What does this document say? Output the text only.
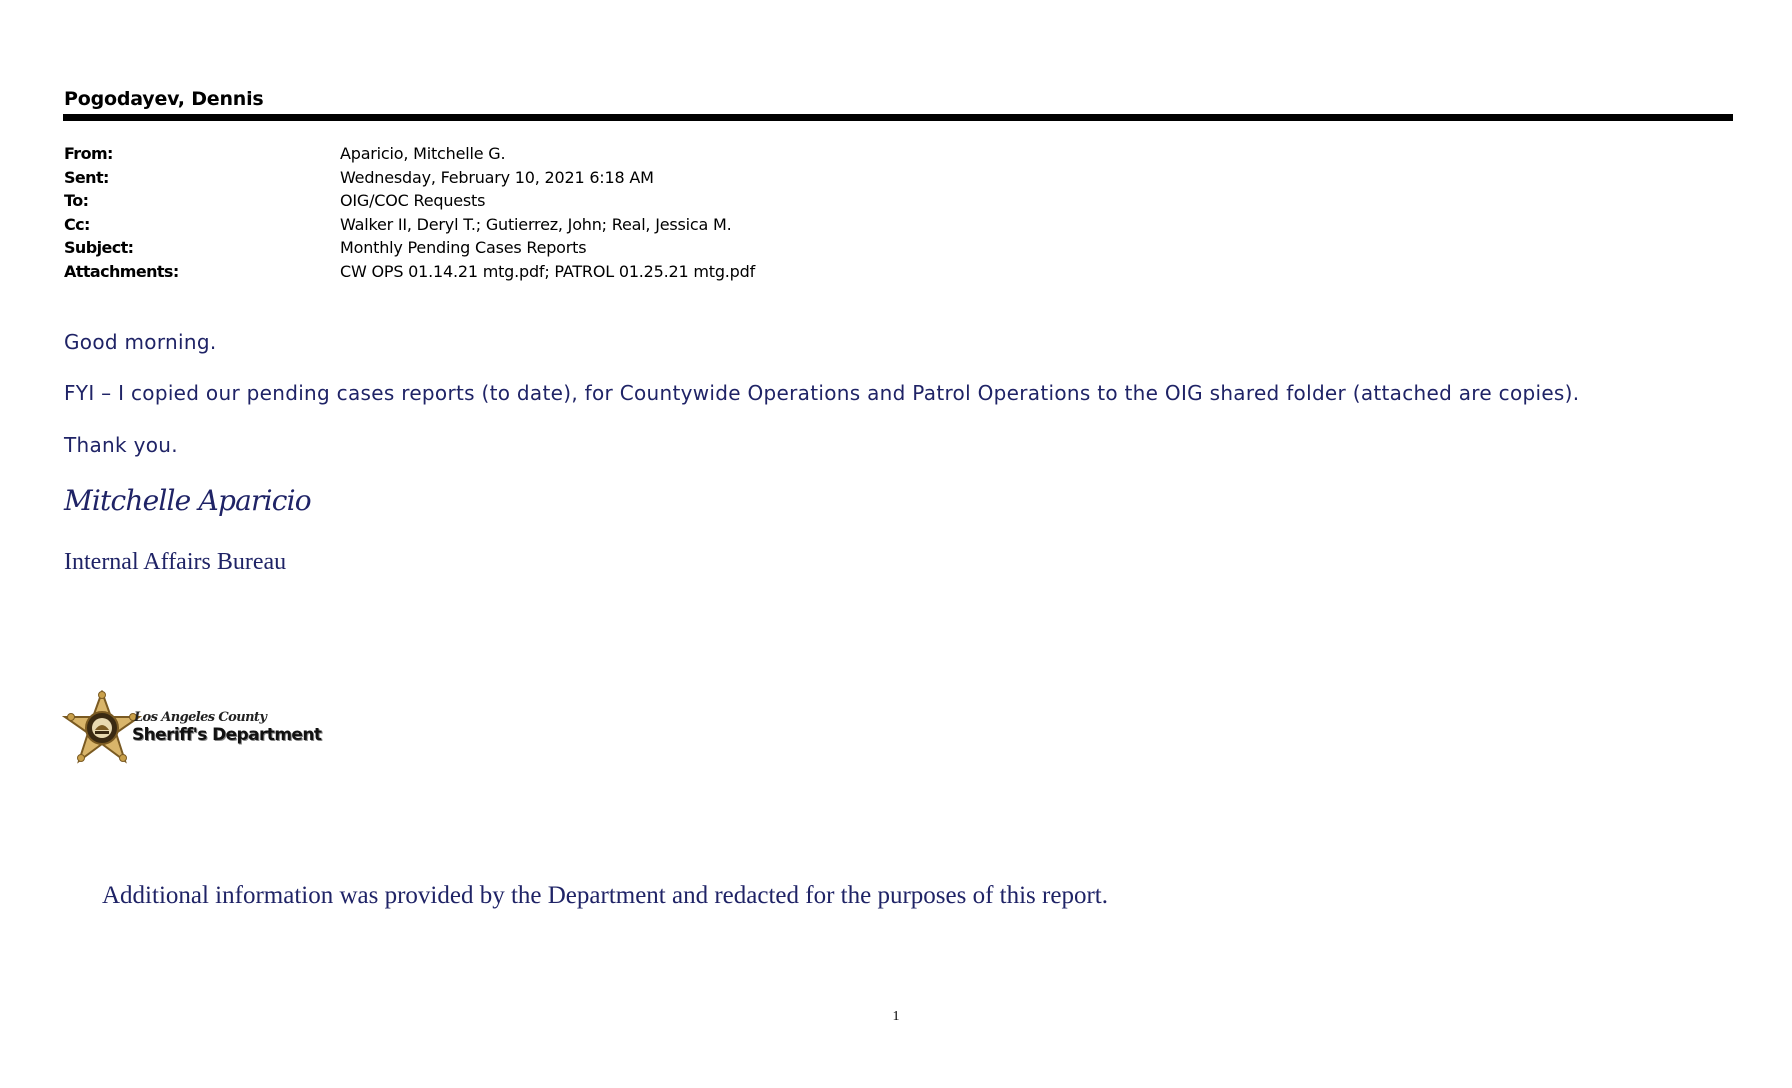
Pogodayev, Dennis
From:	Aparicio, Mitchelle G.
Sent:	Wednesday, February 10, 2021 6:18 AM
To:	OIG/COC Requests
Cc:	Walker II, Deryl T.; Gutierrez, John; Real, Jessica M.
Subject:	Monthly Pending Cases Reports
Attachments:	CW OPS 01.14.21 mtg.pdf; PATROL 01.25.21 mtg.pdf
Good morning.
FYI – I copied our pending cases reports (to date), for Countywide Operations and Patrol Operations to the OIG shared folder (attached are copies).
Thank you.
Mitchelle Aparicio
Internal Affairs Bureau
Los Angeles County
Sheriff's Department
Additional information was provided by the Department and redacted for the purposes of this report.
1
